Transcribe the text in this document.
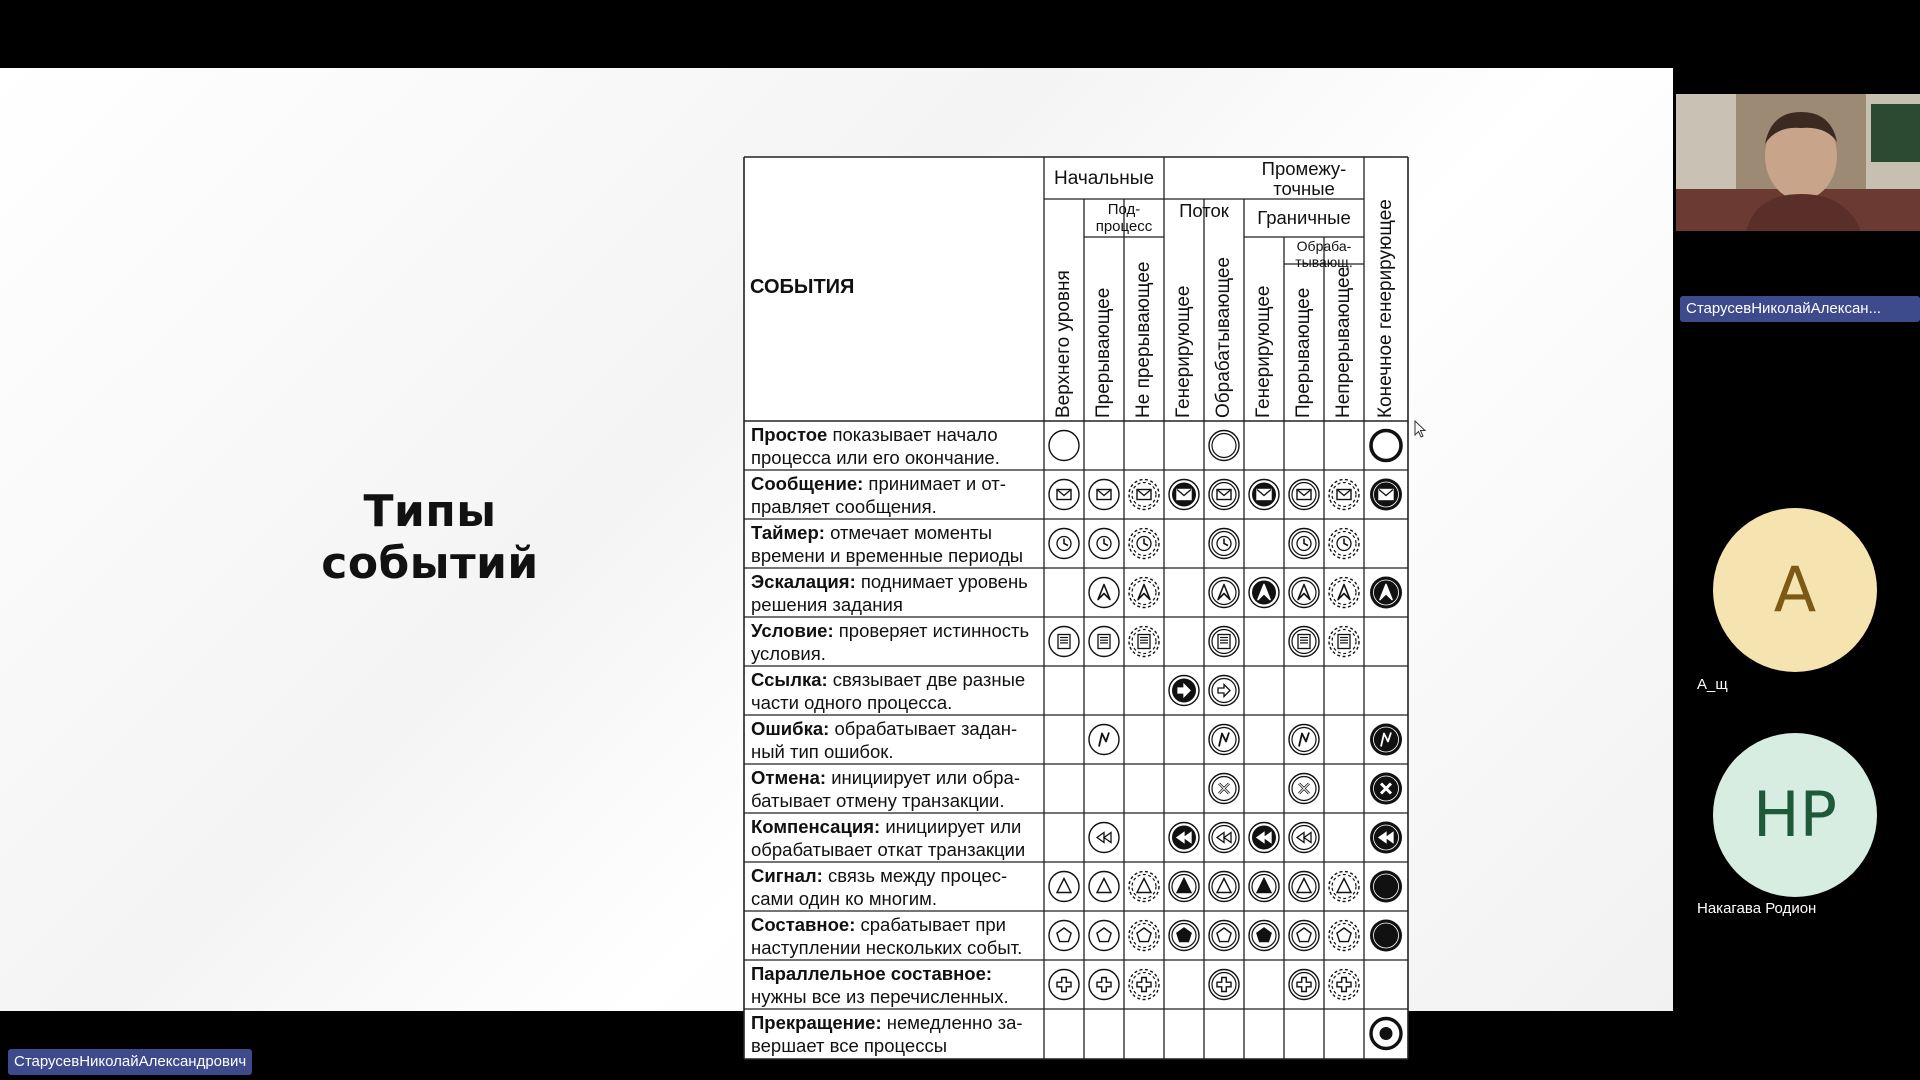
Типы
событий
СОБЫТИЯ
Начальные	Промежу-
точные
Под-
процесс
Поток	Граничные
Обраба-
тывающ.
Верхнего уровня Прерывающее Не прерывающее Генерирующее Обрабатывающее Генерирующее Прерывающее Непрерывающее Конечное генерирующее
Простое показывает начало процесса или его окончание.
Сообщение: принимает и от-правляет сообщения.
Таймер: отмечает моменты времени и временные периоды
Эскалация: поднимает уровень решения задания
Условие: проверяет истинность условия.
Ссылка: связывает две разные части одного процесса.
Ошибка: обрабатывает задан-ный тип ошибок.
Отмена: инициирует или обра-батывает отмену транзакции.
Компенсация: инициирует или обрабатывает откат транзакции
Сигнал: связь между процес-сами один ко многим.
Составное: срабатывает при наступлении нескольких событ.
Параллельное составное: нужны все из перечисленных.
Прекращение: немедленно за-вершает все процессы
СтарусевНиколайАлексан...
А
А_щ
НР
Накагава Родион
СтарусевНиколайАлександрович
